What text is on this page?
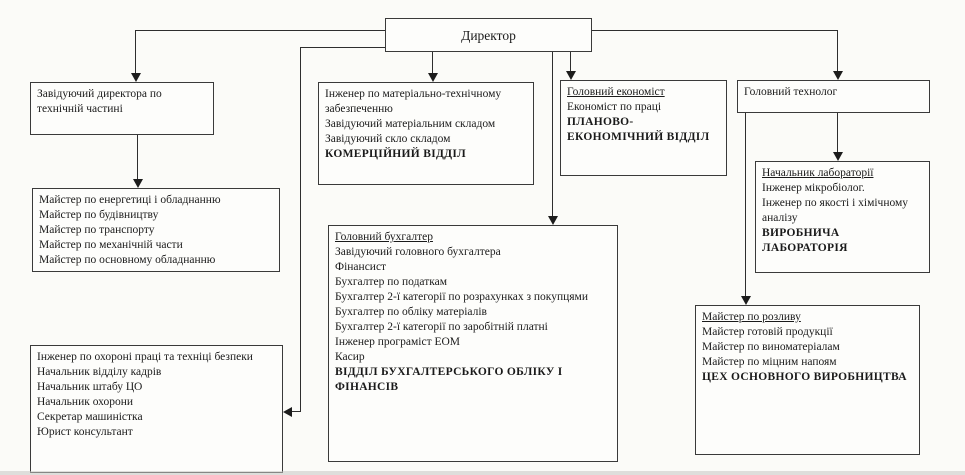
Директор
Завідуючий директора по технічній частині
Інженер по матеріально-технічному забезпеченню
Завідуючий матеріальним складом
Завідуючий скло складом
КОМЕРЦІЙНИЙ ВІДДІЛ
Головний економіст
Економіст по праці
ПЛАНОВО-ЕКОНОМІЧНИЙ ВІДДІЛ
Головний технолог
Майстер по енергетиці і обладнанню
Майстер по будівництву
Майстер по транспорту
Майстер по механічній части
Майстер по основному обладнанню
Головний бухгалтер
Завідуючий головного бухгалтера
Фінансист
Бухгалтер по податкам
Бухгалтер 2-ї категорії по розрахунках з покупцями
Бухгалтер по обліку матеріалів
Бухгалтер 2-ї категорії по заробітній платні
Інженер програміст ЕОМ
Касир
ВІДДІЛ БУХГАЛТЕРСЬКОГО ОБЛІКУ І ФІНАНСІВ
Начальник лабораторії
Інженер мікробіолог.
Інженер по якості і хімічному аналізу
ВИРОБНИЧА ЛАБОРАТОРІЯ
Майстер по розливу
Майстер готовій продукції
Майстер по виноматеріалам
Майстер по міцним напоям
ЦЕХ ОСНОВНОГО ВИРОБНИЦТВА
Інженер по охороні праці та техніці безпеки
Начальник відділу кадрів
Начальник штабу ЦО
Начальник охорони
Секретар машиністка
Юрист консультант
